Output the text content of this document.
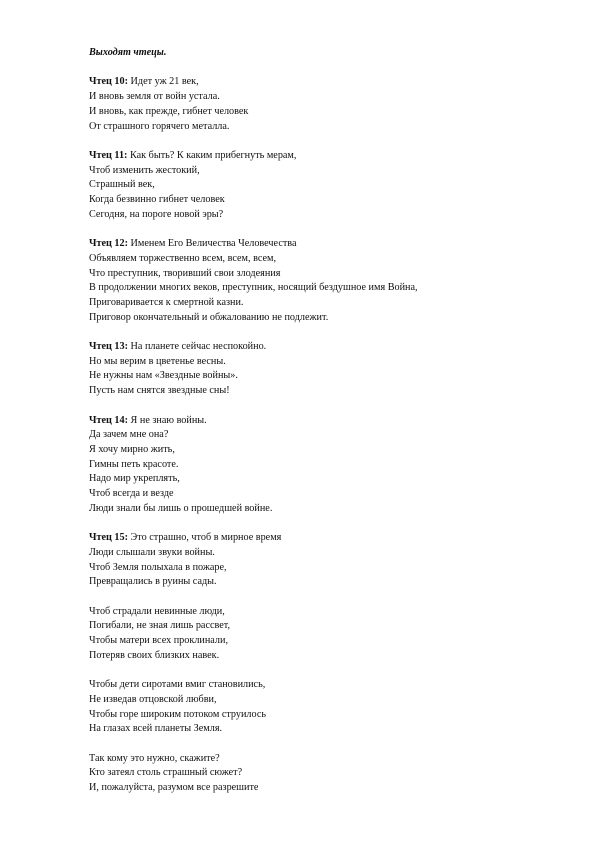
Выходят чтецы.
Чтец 10: Идет уж 21 век,
И вновь земля от войн устала.
И вновь, как прежде, гибнет человек
От страшного горячего металла.
Чтец 11: Как быть? К каким прибегнуть мерам,
Чтоб изменить жестокий,
Страшный век,
Когда безвинно гибнет человек
Сегодня, на пороге новой эры?
Чтец 12: Именем Его Величества Человечества
Объявляем торжественно всем, всем, всем,
Что преступник, творивший свои злодеяния
В продолжении многих веков, преступник, носящий бездушное имя Война,
Приговаривается к смертной казни.
Приговор окончательный и обжалованию не подлежит.
Чтец 13: На планете сейчас неспокойно.
Но мы верим в цветенье весны.
Не нужны нам «Звездные войны».
Пусть нам снятся звездные сны!
Чтец 14: Я не знаю войны.
Да зачем мне она?
Я хочу мирно жить,
Гимны петь красоте.
Надо мир укреплять,
Чтоб всегда и везде
Люди знали бы лишь о прошедшей войне.
Чтец 15: Это страшно, чтоб в мирное время
Люди слышали звуки войны.
Чтоб Земля полыхала в пожаре,
Превращались в руины сады.
Чтоб страдали невинные люди,
Погибали, не зная лишь рассвет,
Чтобы матери всех проклинали,
Потеряв своих близких навек.
Чтобы дети сиротами вмиг становились,
Не изведав отцовской любви,
Чтобы горе широким потоком струилось
На глазах всей планеты Земля.
Так кому это нужно, скажите?
Кто затеял столь страшный сюжет?
И, пожалуйста, разумом все разрешите
